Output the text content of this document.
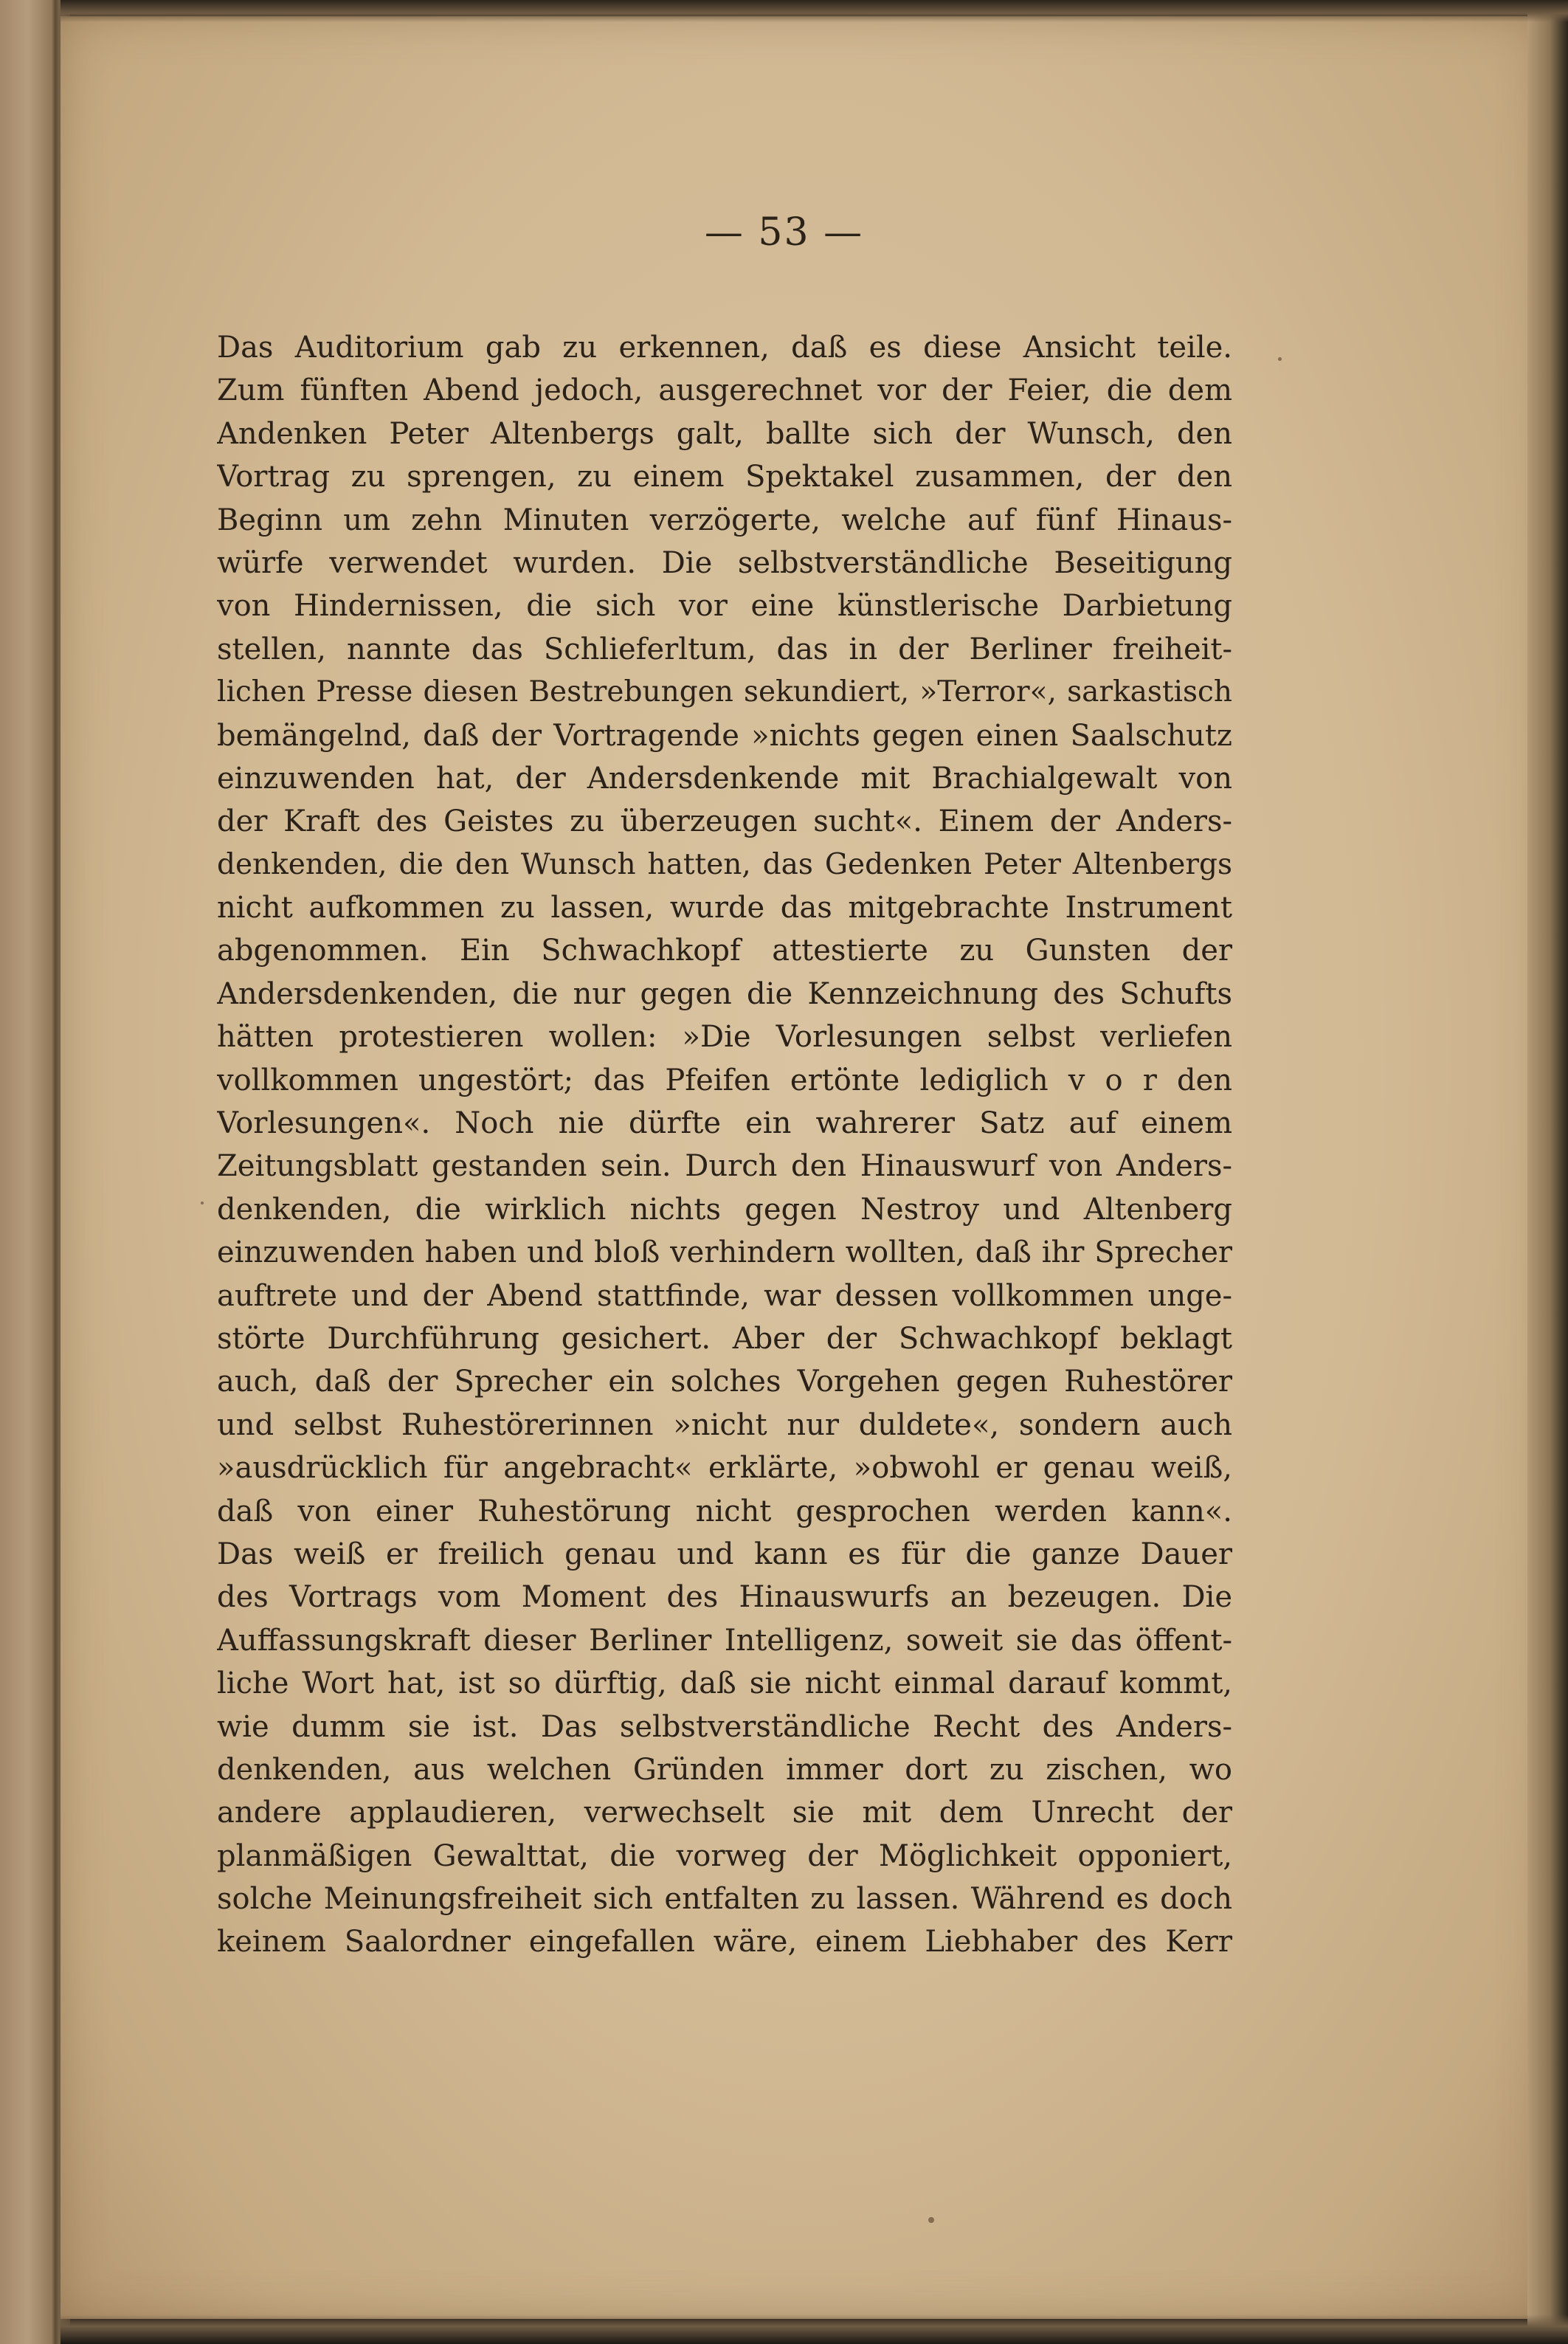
— 53 —
Das Auditorium gab zu erkennen, daß es diese Ansicht teile.
Zum fünften Abend jedoch, ausgerechnet vor der Feier, die dem
Andenken Peter Altenbergs galt, ballte sich der Wunsch, den
Vortrag zu sprengen, zu einem Spektakel zusammen, der den
Beginn um zehn Minuten verzögerte, welche auf fünf Hinaus-
würfe verwendet wurden. Die selbstverständliche Beseitigung
von Hindernissen, die sich vor eine künstlerische Darbietung
stellen, nannte das Schlieferltum, das in der Berliner freiheit-
lichen Presse diesen Bestrebungen sekundiert, »Terror«, sarkastisch
bemängelnd, daß der Vortragende »nichts gegen einen Saalschutz
einzuwenden hat, der Andersdenkende mit Brachialgewalt von
der Kraft des Geistes zu überzeugen sucht«. Einem der Anders-
denkenden, die den Wunsch hatten, das Gedenken Peter Altenbergs
nicht aufkommen zu lassen, wurde das mitgebrachte Instrument
abgenommen. Ein Schwachkopf attestierte zu Gunsten der
Andersdenkenden, die nur gegen die Kennzeichnung des Schufts
hätten protestieren wollen: »Die Vorlesungen selbst verliefen
vollkommen ungestört; das Pfeifen ertönte lediglich v o r den
Vorlesungen«. Noch nie dürfte ein wahrerer Satz auf einem
Zeitungsblatt gestanden sein. Durch den Hinauswurf von Anders-
denkenden, die wirklich nichts gegen Nestroy und Altenberg
einzuwenden haben und bloß verhindern wollten, daß ihr Sprecher
auftrete und der Abend stattfinde, war dessen vollkommen unge-
störte Durchführung gesichert. Aber der Schwachkopf beklagt
auch, daß der Sprecher ein solches Vorgehen gegen Ruhestörer
und selbst Ruhestörerinnen »nicht nur duldete«, sondern auch
»ausdrücklich für angebracht« erklärte, »obwohl er genau weiß,
daß von einer Ruhestörung nicht gesprochen werden kann«.
Das weiß er freilich genau und kann es für die ganze Dauer
des Vortrags vom Moment des Hinauswurfs an bezeugen. Die
Auffassungskraft dieser Berliner Intelligenz, soweit sie das öffent-
liche Wort hat, ist so dürftig, daß sie nicht einmal darauf kommt,
wie dumm sie ist. Das selbstverständliche Recht des Anders-
denkenden, aus welchen Gründen immer dort zu zischen, wo
andere applaudieren, verwechselt sie mit dem Unrecht der
planmäßigen Gewalttat, die vorweg der Möglichkeit opponiert,
solche Meinungsfreiheit sich entfalten zu lassen. Während es doch
keinem Saalordner eingefallen wäre, einem Liebhaber des Kerr
